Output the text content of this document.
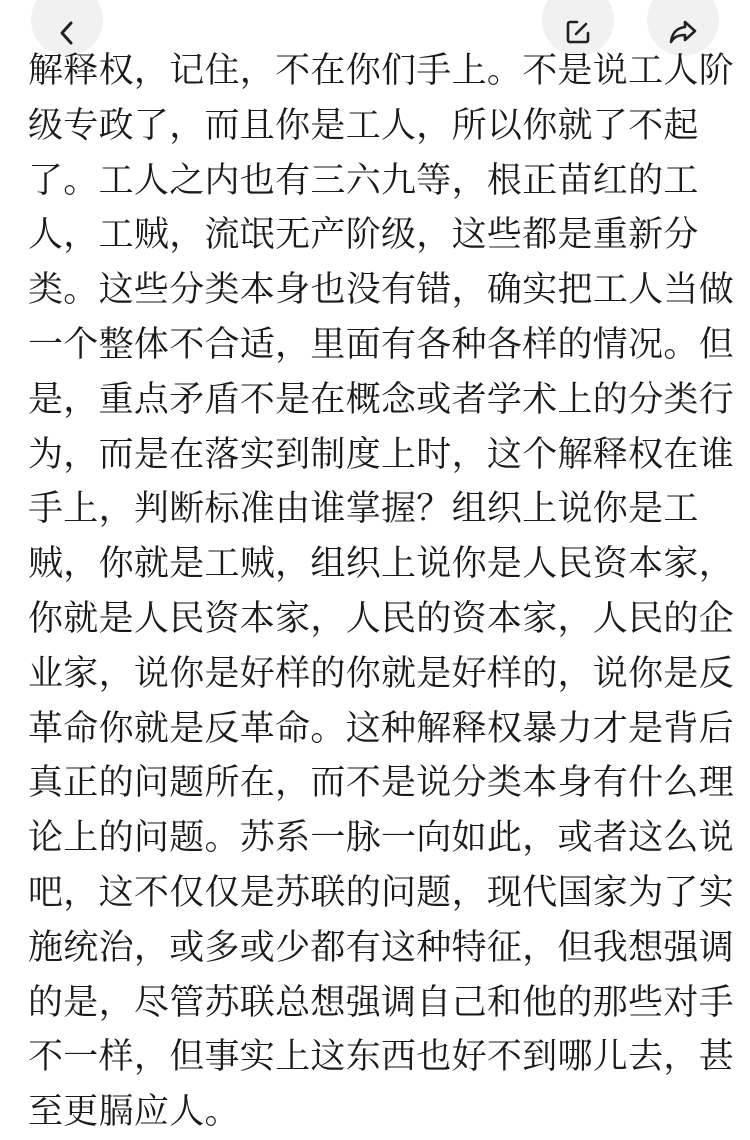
解释权，记住，不在你们手上。不是说工人阶
级专政了，而且你是工人，所以你就了不起
了。工人之内也有三六九等，根正苗红的工
人，工贼，流氓无产阶级，这些都是重新分
类。这些分类本身也没有错，确实把工人当做
一个整体不合适，里面有各种各样的情况。但
是，重点矛盾不是在概念或者学术上的分类行
为，而是在落实到制度上时，这个解释权在谁
手上，判断标准由谁掌握？组织上说你是工
贼，你就是工贼，组织上说你是人民资本家，
你就是人民资本家，人民的资本家，人民的企
业家，说你是好样的你就是好样的，说你是反
革命你就是反革命。这种解释权暴力才是背后
真正的问题所在，而不是说分类本身有什么理
论上的问题。苏系一脉一向如此，或者这么说
吧，这不仅仅是苏联的问题，现代国家为了实
施统治，或多或少都有这种特征，但我想强调
的是，尽管苏联总想强调自己和他的那些对手
不一样，但事实上这东西也好不到哪儿去，甚
至更膈应人。
